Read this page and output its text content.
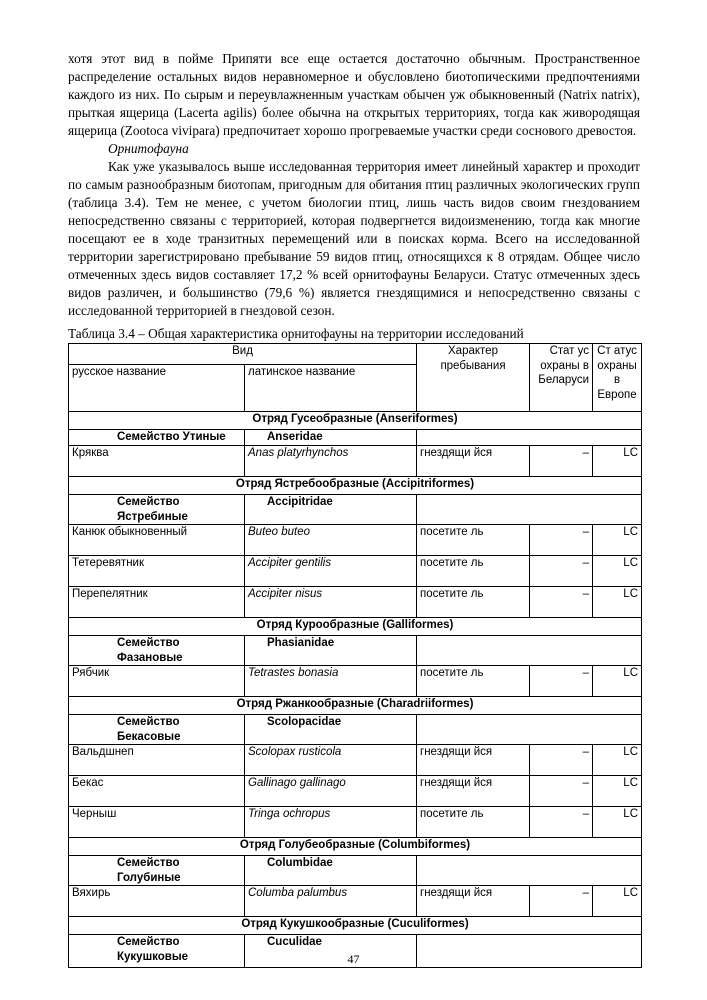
хотя этот вид в пойме Припяти все еще остается достаточно обычным. Пространственное распределение остальных видов неравномерное и обусловлено биотопическими предпочтениями каждого из них. По сырым и переувлажненным участкам обычен уж обыкновенный (Natrix natrix), прыткая ящерица (Lacerta agilis) более обычна на открытых территориях, тогда как живородящая ящерица (Zootoca vivipara) предпочитает хорошо прогреваемые участки среди соснового древостоя.

Орнитофауна

Как уже указывалось выше исследованная территория имеет линейный характер и проходит по самым разнообразным биотопам, пригодным для обитания птиц различных экологических групп (таблица 3.4). Тем не менее, с учетом биологии птиц, лишь часть видов своим гнездованием непосредственно связаны с территорией, которая подвергнется видоизменению, тогда как многие посещают ее в ходе транзитных перемещений или в поисках корма. Всего на исследованной территории зарегистрировано пребывание 59 видов птиц, относящихся к 8 отрядам. Общее число отмеченных здесь видов составляет 17,2 % всей орнитофауны Беларуси. Статус отмеченных здесь видов различен, и большинство (79,6 %) является гнездящимися и непосредственно связаны с исследованной территорией в гнездовой сезон.

Таблица 3.4 – Общая характеристика орнитофауны на территории исследований
Вид		Характер пребывания	Стат ус охраны в Беларуси	Ст атус охраны в Европе
русское название	латинское название			
Отряд Гусеобразные (Anseriformes)				
Семейство Утиные	Anseridae			
Кряква	Anas platyrhynchos	гнездящи йся	–	LC
Отряд Ястребообразные (Accipitriformes)				
Семейство Ястребиные	Accipitridae			
Канюк обыкновенный	Buteo buteo	посетите ль	–	LC
Тетеревятник	Accipiter gentilis	посетите ль	–	LC
Перепелятник	Accipiter nisus	посетите ль	–	LC
Отряд Курообразные (Galliformes)				
Семейство Фазановые	Phasianidae			
Рябчик	Tetrastes bonasia	посетите ль	–	LC
Отряд Ржанкообразные (Charadriiformes)				
Семейство Бекасовые	Scolopacidae			
Вальдшнеп	Scolopax rusticola	гнездящи йся	–	LC
Бекас	Gallinago gallinago	гнездящи йся	–	LC
Черныш	Tringa ochropus	посетите ль	–	LC
Отряд Голубеобразные (Columbiformes)				
Семейство Голубиные	Columbidae			
Вяхирь	Columba palumbus	гнездящи йся	–	LC
Отряд Кукушкообразные (Cuculiformes)				
Семейство Кукушковые	Cuculidae			
47
